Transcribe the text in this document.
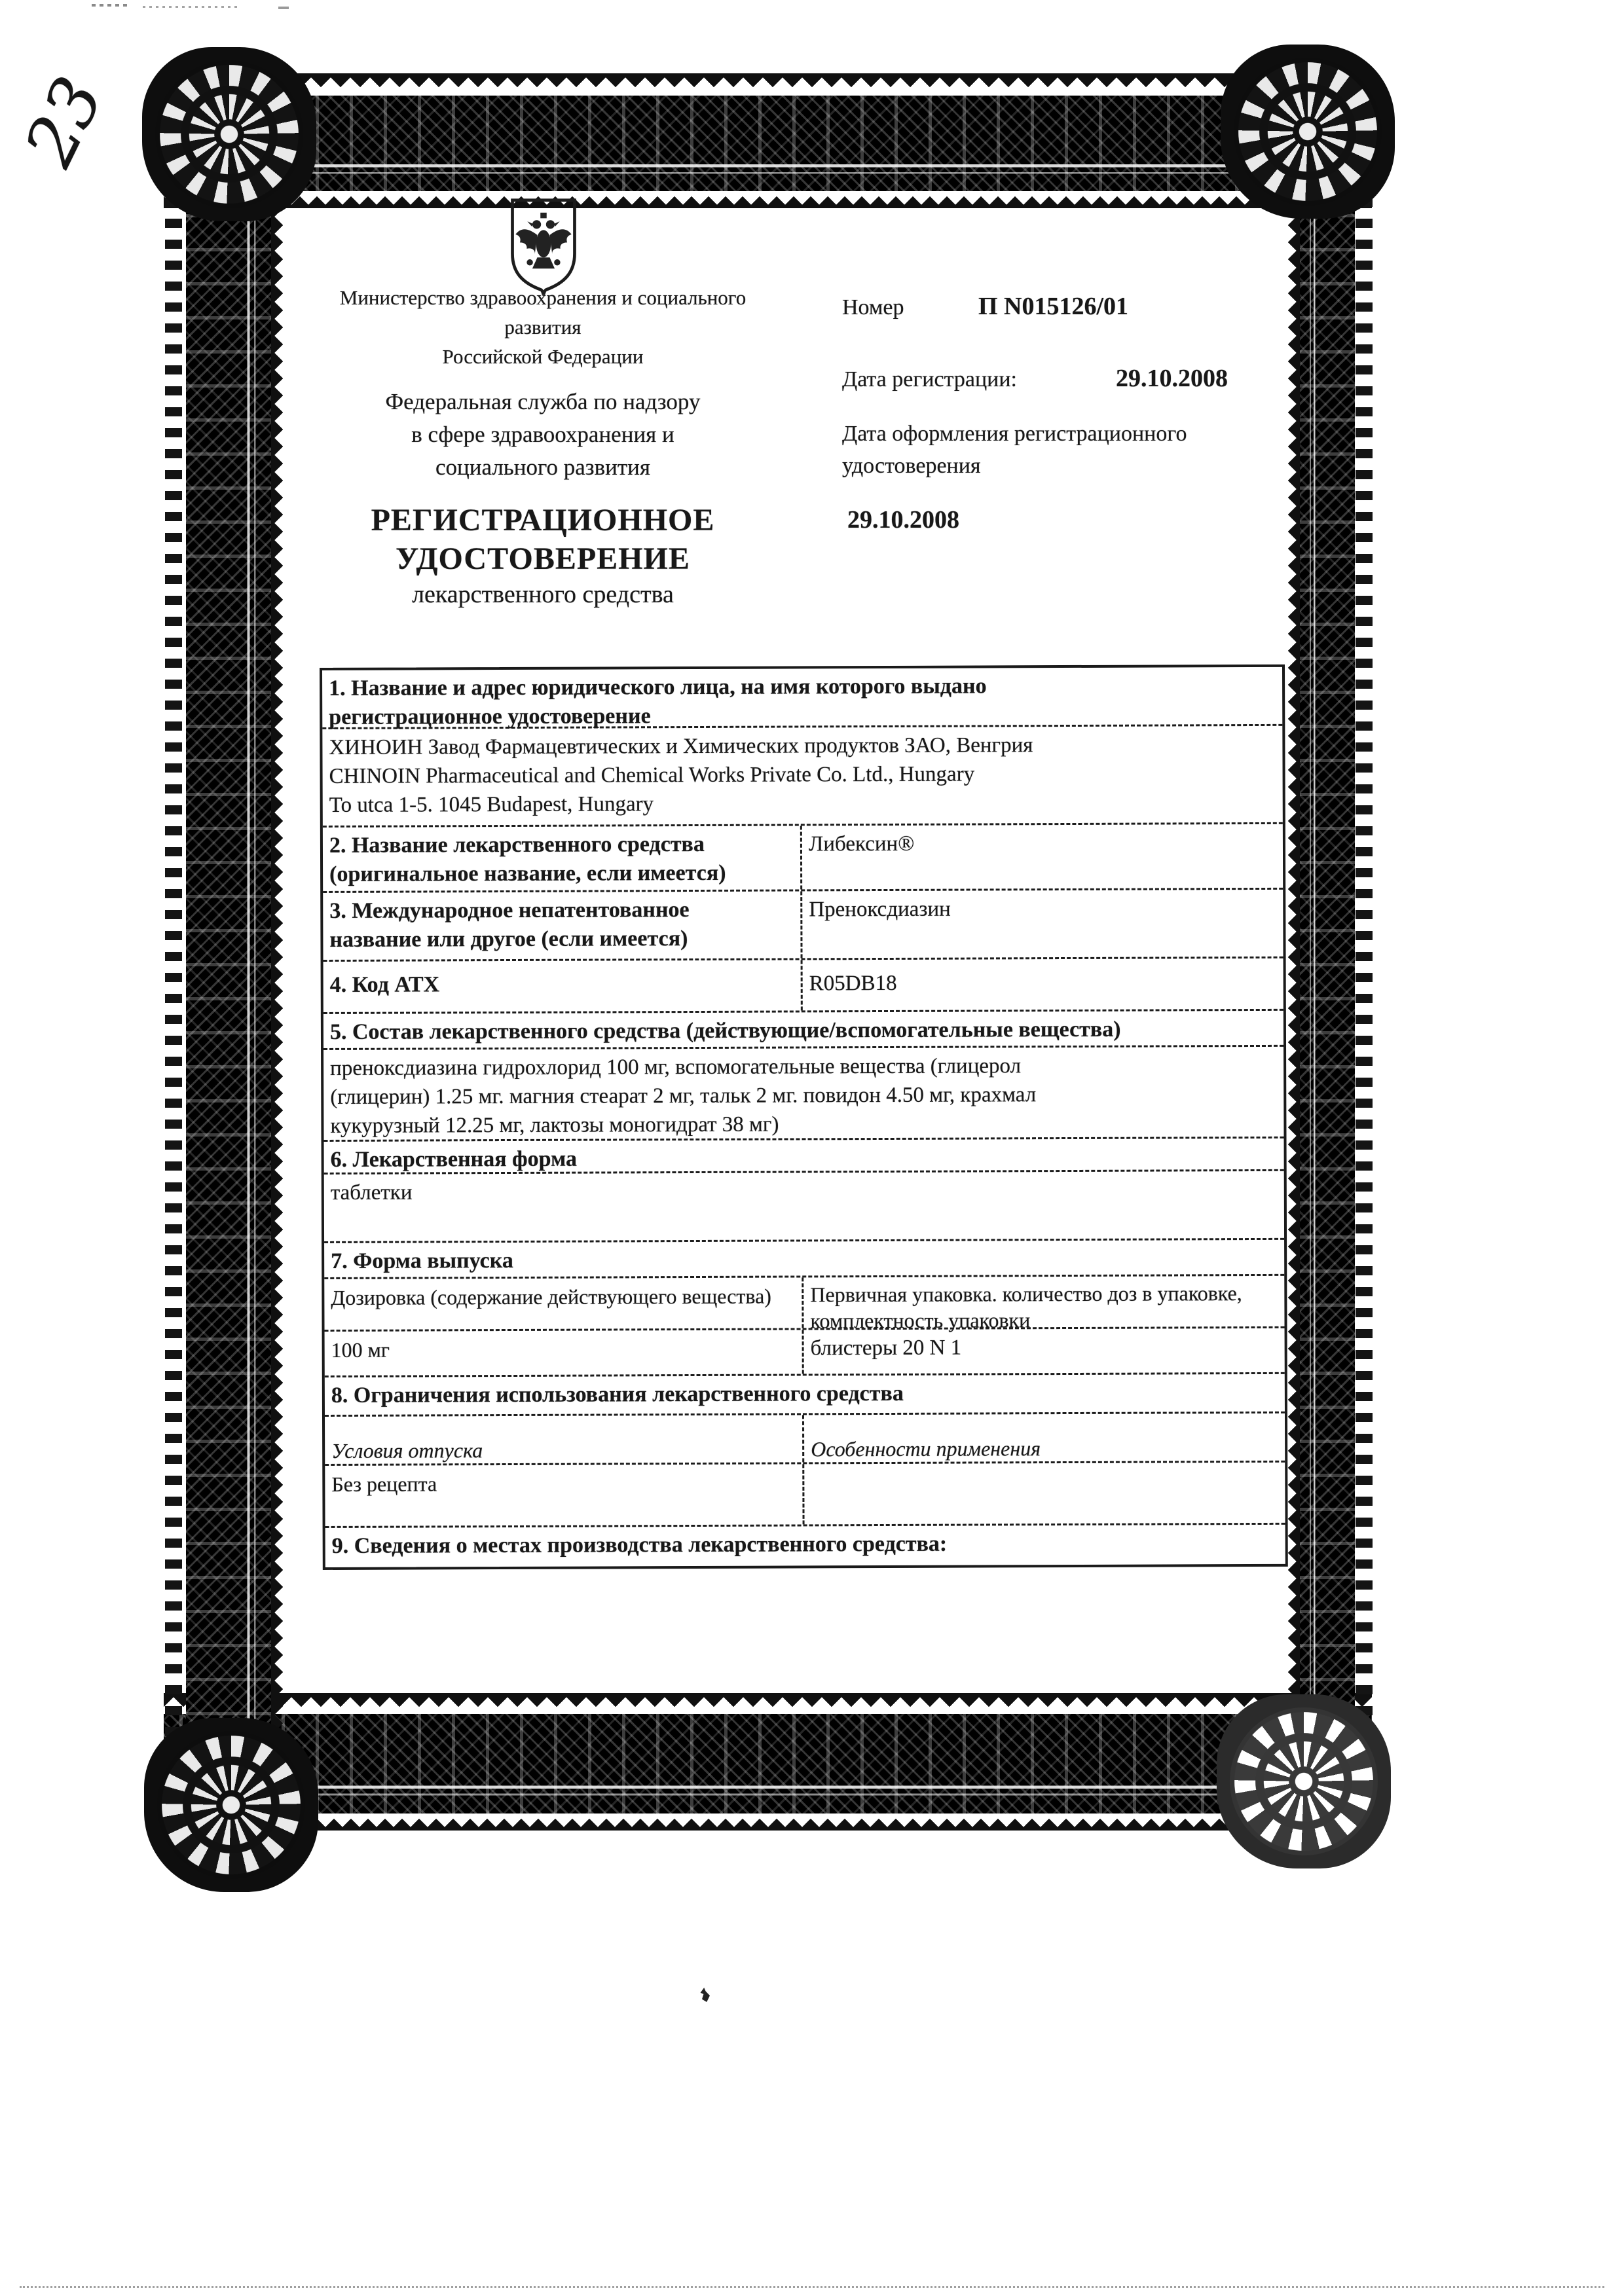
23
Министерство здравоохранения и социального
развития
Российской Федерации
Федеральная служба по надзору
в сфере здравоохранения и
социального развития
РЕГИСТРАЦИОННОЕ
УДОСТОВЕРЕНИЕ
лекарственного средства
Номер	П N015126/01
Дата регистрации:	29.10.2008
Дата оформления регистрационного
удостоверения
29.10.2008
1. Название и адрес юридического лица, на имя которого выдано
регистрационное удостоверение
ХИНОИН Завод Фармацевтических и Химических продуктов ЗАО, Венгрия
CHINOIN Pharmaceutical and Chemical Works Private Co. Ltd., Hungary
To utca 1-5. 1045 Budapest, Hungary
2. Название лекарственного средства
(оригинальное название, если имеется)
Либексин®
3. Международное непатентованное
название или другое (если имеется)
Преноксдиазин
4. Код АТХ	R05DB18
5. Состав лекарственного средства (действующие/вспомогательные вещества)
преноксдиазина гидрохлорид 100 мг, вспомогательные вещества (глицерол
(глицерин) 1.25 мг. магния стеарат 2 мг, тальк 2 мг. повидон 4.50 мг, крахмал
кукурузный 12.25 мг, лактозы моногидрат 38 мг)
6. Лекарственная форма
таблетки
7. Форма выпуска
Дозировка (содержание действующего вещества)	Первичная упаковка. количество доз в упаковке,
комплектность упаковки
100 мг	блистеры 20 N 1
8. Ограничения использования лекарственного средства
Условия отпуска	Особенности применения
Без рецепта
9. Сведения о местах производства лекарственного средства:
